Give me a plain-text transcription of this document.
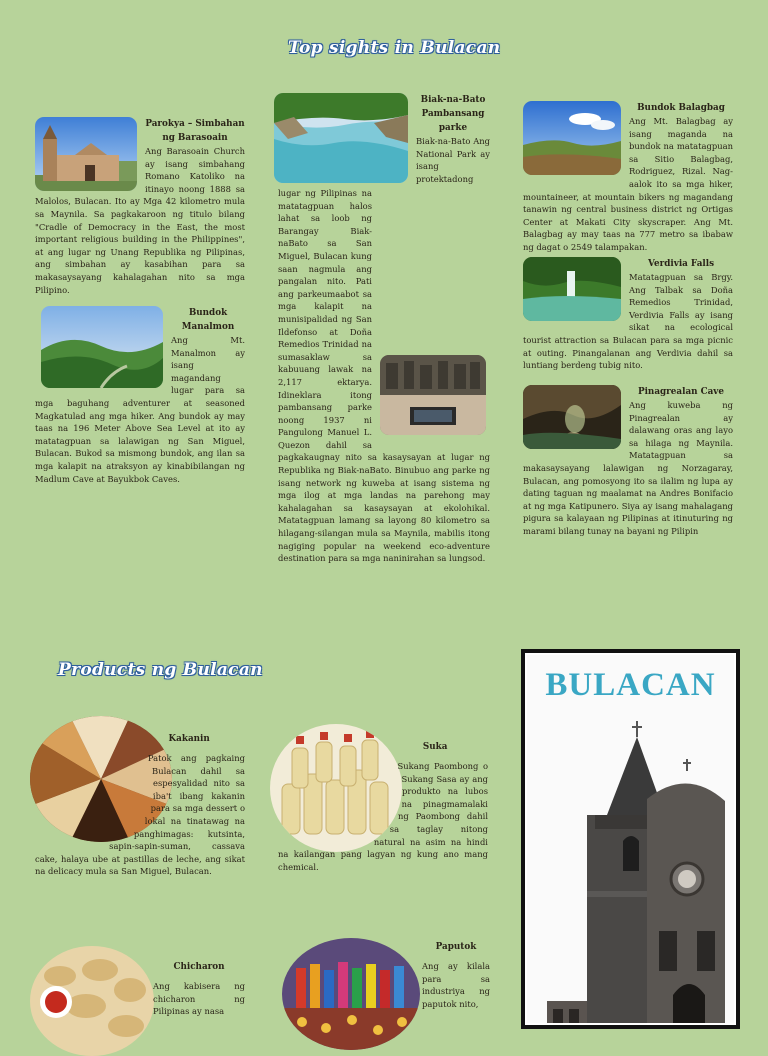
Top sights in Bulacan
Parokya – Simbahan ng Barasoain

Ang Barasoain Church ay isang simbahang Romano Katoliko na itinayo noong 1888 sa Malolos, Bulacan. Ito ay Mga 42 kilometro mula sa Maynila. Sa pagkakaroon ng titulo bilang "Cradle of Democracy in the East, the most important religious building in the Philippines", at ang lugar ng Unang Republika ng Pilipinas, ang simbahan ay kasabihan para sa makasaysayang kahalagahan nito sa mga Pilipino.

Bundok Manalmon

Ang Mt. Manalmon ay isang magandang lugar para sa mga baguhang adventurer at seasoned Magkatulad ang mga hiker. Ang bundok ay may taas na 196 Meter Above Sea Level at ito ay matatagpuan sa lalawigan ng San Miguel, Bulacan. Bukod sa mismong bundok, ang ilan sa mga kalapit na atraksyon ay kinabibilangan ng Madlum Cave at Bayukbok Caves.

Biak-na-Bato Pambansang parke

Biak-na-Bato Ang National Park ay isang protektadong lugar ng Pilipinas na matatagpuan halos lahat sa loob ng Barangay Biak-naBato sa San Miguel, Bulacan kung saan nagmula ang pangalan nito. Pati ang parkeumaabot sa mga kalapit na munisipalidad ng San Ildefonso at Doña Remedios Trinidad na sumasaklaw sa kabuuang lawak na 2,117 ektarya. Idineklara itong pambansang parke noong 1937 ni Pangulong Manuel L. Quezon dahil sa pagkakaugnay nito sa kasaysayan at lugar ng Republika ng Biak-naBato. Binubuo ang parke ng isang network ng kuweba at isang sistema ng mga ilog at mga landas na parehong may kahalagahan sa kasaysayan at ekolohikal. Matatagpuan lamang sa layong 80 kilometro sa hilagang-silangan mula sa Maynila, mabilis itong nagiging popular na weekend eco-adventure destination para sa mga naninirahan sa lungsod.

Bundok Balagbag

Ang Mt. Balagbag ay isang maganda na bundok na matatagpuan sa Sitio Balagbag, Rodriguez, Rizal. Nag-aalok ito sa mga hiker, mountaineer, at mountain bikers ng magandang tanawin ng central business district ng Ortigas Center at Makati City skyscraper. Ang Mt. Balagbag ay may taas na 777 metro sa ibabaw ng dagat o 2549 talampakan.

Verdivia Falls

Matatagpuan sa Brgy. Ang Talbak sa Doña Remedios Trinidad, Verdivia Falls ay isang sikat na ecological tourist attraction sa Bulacan para sa mga picnic at outing. Pinangalanan ang Verdivia dahil sa luntiang berdeng tubig nito.

Pinagrealan Cave

Ang kuweba ng Pinagrealan ay dalawang oras ang layo sa hilaga ng Maynila. Matatagpuan sa makasaysayang lalawigan ng Norzagaray, Bulacan, ang pomosyong ito sa ilalim ng lupa ay dating taguan ng maalamat na Andres Bonifacio at ng mga Katipunero. Siya ay isang mahalagang pigura sa kalayaan ng Pilipinas at itinuturing ng marami bilang tunay na bayani ng Pilipin

Products ng Bulacan
Kakanin

Patok ang pagkaing Bulacan dahil sa espesyalidad nito sa iba't ibang kakanin para sa mga dessert o lokal na tinatawag na panghimagas: kutsinta, sapin-sapin-suman, cassava cake, halaya ube at pastillas de leche, ang sikat na delicacy mula sa San Miguel, Bulacan.

Suka

Sukang Paombong o Sukang Sasa ay ang produkto na lubos na pinagmamalaki ng Paombong dahil sa taglay nitong natural na asim na hindi na kailangan pang lagyan ng kung ano mang chemical.

Chicharon

Ang kabisera ng chicharon ng Pilipinas ay nasa

Paputok

Ang ay kilala para sa industriya ng paputok nito,

BULACAN
